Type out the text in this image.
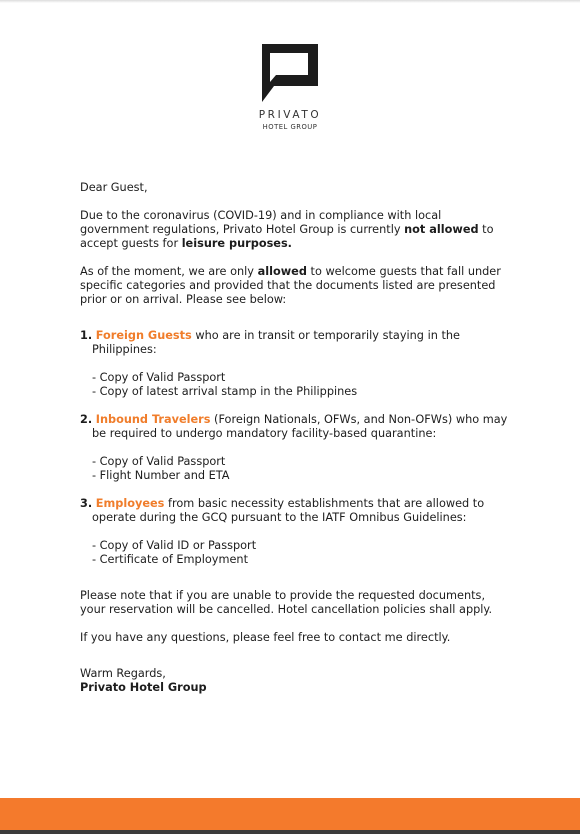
PRIVATO
HOTEL GROUP

Dear Guest,

Due to the coronavirus (COVID-19) and in compliance with local government regulations, Privato Hotel Group is currently not allowed to accept guests for leisure purposes.

As of the moment, we are only allowed to welcome guests that fall under specific categories and provided that the documents listed are presented prior or on arrival. Please see below:

1. Foreign Guests who are in transit or temporarily staying in the Philippines:

- Copy of Valid Passport

- Copy of latest arrival stamp in the Philippines

2. Inbound Travelers (Foreign Nationals, OFWs, and Non-OFWs) who may be required to undergo mandatory facility-based quarantine:

- Copy of Valid Passport

- Flight Number and ETA

3. Employees from basic necessity establishments that are allowed to operate during the GCQ pursuant to the IATF Omnibus Guidelines:

- Copy of Valid ID or Passport

- Certificate of Employment

Please note that if you are unable to provide the requested documents, your reservation will be cancelled. Hotel cancellation policies shall apply.

If you have any questions, please feel free to contact me directly.

Warm Regards,

Privato Hotel Group
